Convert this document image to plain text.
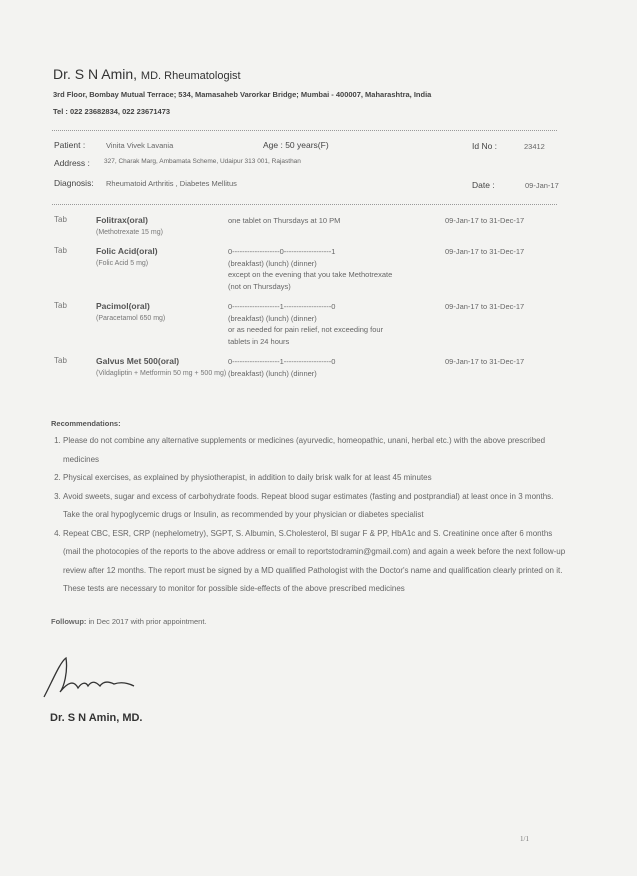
Dr. S N Amin, MD. Rheumatologist
3rd Floor, Bombay Mutual Terrace; 534, Mamasaheb Varorkar Bridge; Mumbai - 400007, Maharashtra, India
Tel : 022 23682834, 022 23671473
Patient :	Vinita Vivek Lavania	Age : 50 years(F)	Id No :	23412
Address : 327, Charak Marg, Ambamata Scheme, Udaipur 313 001, Rajasthan
Diagnosis: Rheumatoid Arthritis , Diabetes Mellitus	Date :	09-Jan-17
Tab	Folitrax(oral)
(Methotrexate 15 mg)
one tablet on Thursdays at 10 PM	09-Jan-17 to 31-Dec-17
Tab	Folic Acid(oral)
(Folic Acid 5 mg)
0-------------------0-------------------1
(breakfast) (lunch) (dinner)
except on the evening that you take Methotrexate (not on Thursdays)
09-Jan-17 to 31-Dec-17
Tab	Pacimol(oral)
(Paracetamol 650 mg)
0-------------------1-------------------0
(breakfast) (lunch) (dinner)
or as needed for pain relief, not exceeding four tablets in 24 hours
09-Jan-17 to 31-Dec-17
Tab	Galvus Met 500(oral)
(Vildagliptin + Metformin 50 mg + 500 mg)
0-------------------1-------------------0
(breakfast) (lunch) (dinner)
09-Jan-17 to 31-Dec-17
Recommendations:
1. Please do not combine any alternative supplements or medicines (ayurvedic, homeopathic, unani, herbal etc.) with the above prescribed medicines
2. Physical exercises, as explained by physiotherapist, in addition to daily brisk walk for at least 45 minutes
3. Avoid sweets, sugar and excess of carbohydrate foods. Repeat blood sugar estimates (fasting and postprandial) at least once in 3 months. Take the oral hypoglycemic drugs or Insulin, as recommended by your physician or diabetes specialist
4. Repeat CBC, ESR, CRP (nephelometry), SGPT, S. Albumin, S.Cholesterol, Bl sugar F & PP, HbA1c and S. Creatinine once after 6 months (mail the photocopies of the reports to the above address or email to reportstodramin@gmail.com) and again a week before the next follow-up review after 12 months. The report must be signed by a MD qualified Pathologist with the Doctor's name and qualification clearly printed on it. These tests are necessary to monitor for possible side-effects of the above prescribed medicines
Followup: in Dec 2017 with prior appointment.
Dr. S N Amin, MD.
1/1
